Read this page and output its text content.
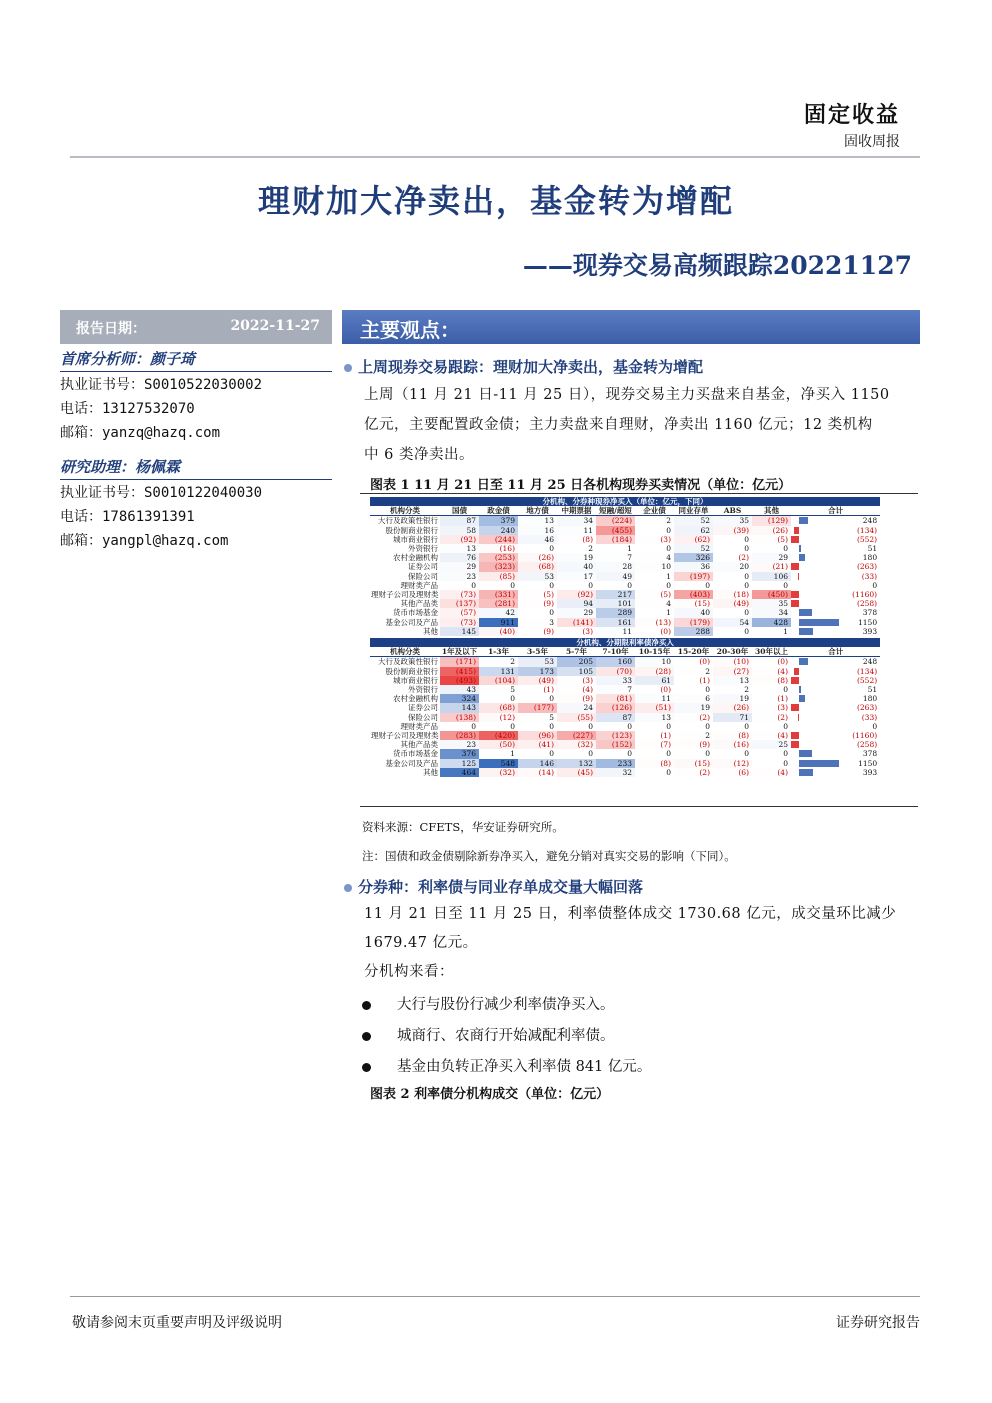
固定收益
固收周报
理财加大净卖出，基金转为增配
——现券交易高频跟踪20221127
报告日期：	2022-11-27
首席分析师：颜子琦
执业证书号：S0010522030002
电话：13127532070
邮箱：yanzq@hazq.com
研究助理：杨佩霖
执业证书号：S0010122040030
电话：17861391391
邮箱：yangpl@hazq.com
主要观点：
上周现券交易跟踪：理财加大净卖出，基金转为增配
上周（11 月 21 日-11 月 25 日），现券交易主力买盘来自基金，净买入 1150
亿元，主要配置政金债；主力卖盘来自理财，净卖出 1160 亿元；12 类机构
中 6 类净卖出。
图表 1 11 月 21 日至 11 月 25 日各机构现券买卖情况（单位：亿元）
分机构、分券种现券净买入（单位：亿元，下同）										
机构分类	国债	政金债	地方债	中期票据	短融/超短	企业债	同业存单	ABS	其他	合计
大行及政策性银行	87	379	13	34	(224)	2	52	35	(129)	248
股份制商业银行	58	240	16	11	(455)	0	62	(39)	(26)	(134)
城市商业银行	(92)	(244)	46	(8)	(184)	(3)	(62)	0	(5)	(552)
外资银行	13	(16)	0	2	1	0	52	0	0	51
农村金融机构	76	(253)	(26)	19	7	4	326	(2)	29	180
证券公司	29	(323)	(68)	40	28	10	36	20	(21)	(263)
保险公司	23	(85)	53	17	49	1	(197)	0	106	(33)
理财类产品	0	0	0	0	0	0	0	0	0	0
理财子公司及理财类	(73)	(331)	(5)	(92)	217	(5)	(403)	(18)	(450)	(1160)
其他产品类	(137)	(281)	(9)	94	101	4	(15)	(49)	35	(258)
货币市场基金	(57)	42	0	29	289	1	40	0	34	378
基金公司及产品	(73)	911	3	(141)	161	(13)	(179)	54	428	1150
其他	145	(40)	(9)	(3)	11	(0)	288	0	1	393
分机构、分期限利率债净买入										
机构分类	1年及以下	1-3年	3-5年	5-7年	7-10年	10-15年	15-20年	20-30年	30年以上	合计
大行及政策性银行	(171)	2	53	205	160	10	(0)	(10)	(0)	248
股份制商业银行	(415)	131	173	105	(70)	(28)	2	(27)	(4)	(134)
城市商业银行	(493)	(104)	(49)	(3)	33	61	(1)	13	(8)	(552)
外资银行	43	5	(1)	(4)	7	(0)	0	2	0	51
农村金融机构	324	0	0	(9)	(81)	11	6	19	(1)	180
证券公司	143	(68)	(177)	24	(126)	(51)	19	(26)	(3)	(263)
保险公司	(138)	(12)	5	(55)	87	13	(2)	71	(2)	(33)
理财类产品	0	0	0	0	0	0	0	0	0	0
理财子公司及理财类	(283)	(420)	(96)	(227)	(123)	(1)	2	(8)	(4)	(1160)
其他产品类	23	(50)	(41)	(32)	(152)	(7)	(9)	(16)	25	(258)
货币市场基金	376	1	0	0	0	0	0	0	0	378
基金公司及产品	125	548	146	132	233	(8)	(15)	(12)	0	1150
其他	464	(32)	(14)	(45)	32	0	(2)	(6)	(4)	393
资料来源：CFETS，华安证券研究所。
注：国债和政金债剔除新券净买入，避免分销对真实交易的影响（下同）。
分券种：利率债与同业存单成交量大幅回落
11 月 21 日至 11 月 25 日，利率债整体成交 1730.68 亿元，成交量环比减少
1679.47 亿元。
分机构来看：
大行与股份行减少利率债净买入。
城商行、农商行开始减配利率债。
基金由负转正净买入利率债 841 亿元。
图表 2 利率债分机构成交（单位：亿元）
敬请参阅末页重要声明及评级说明	证券研究报告
